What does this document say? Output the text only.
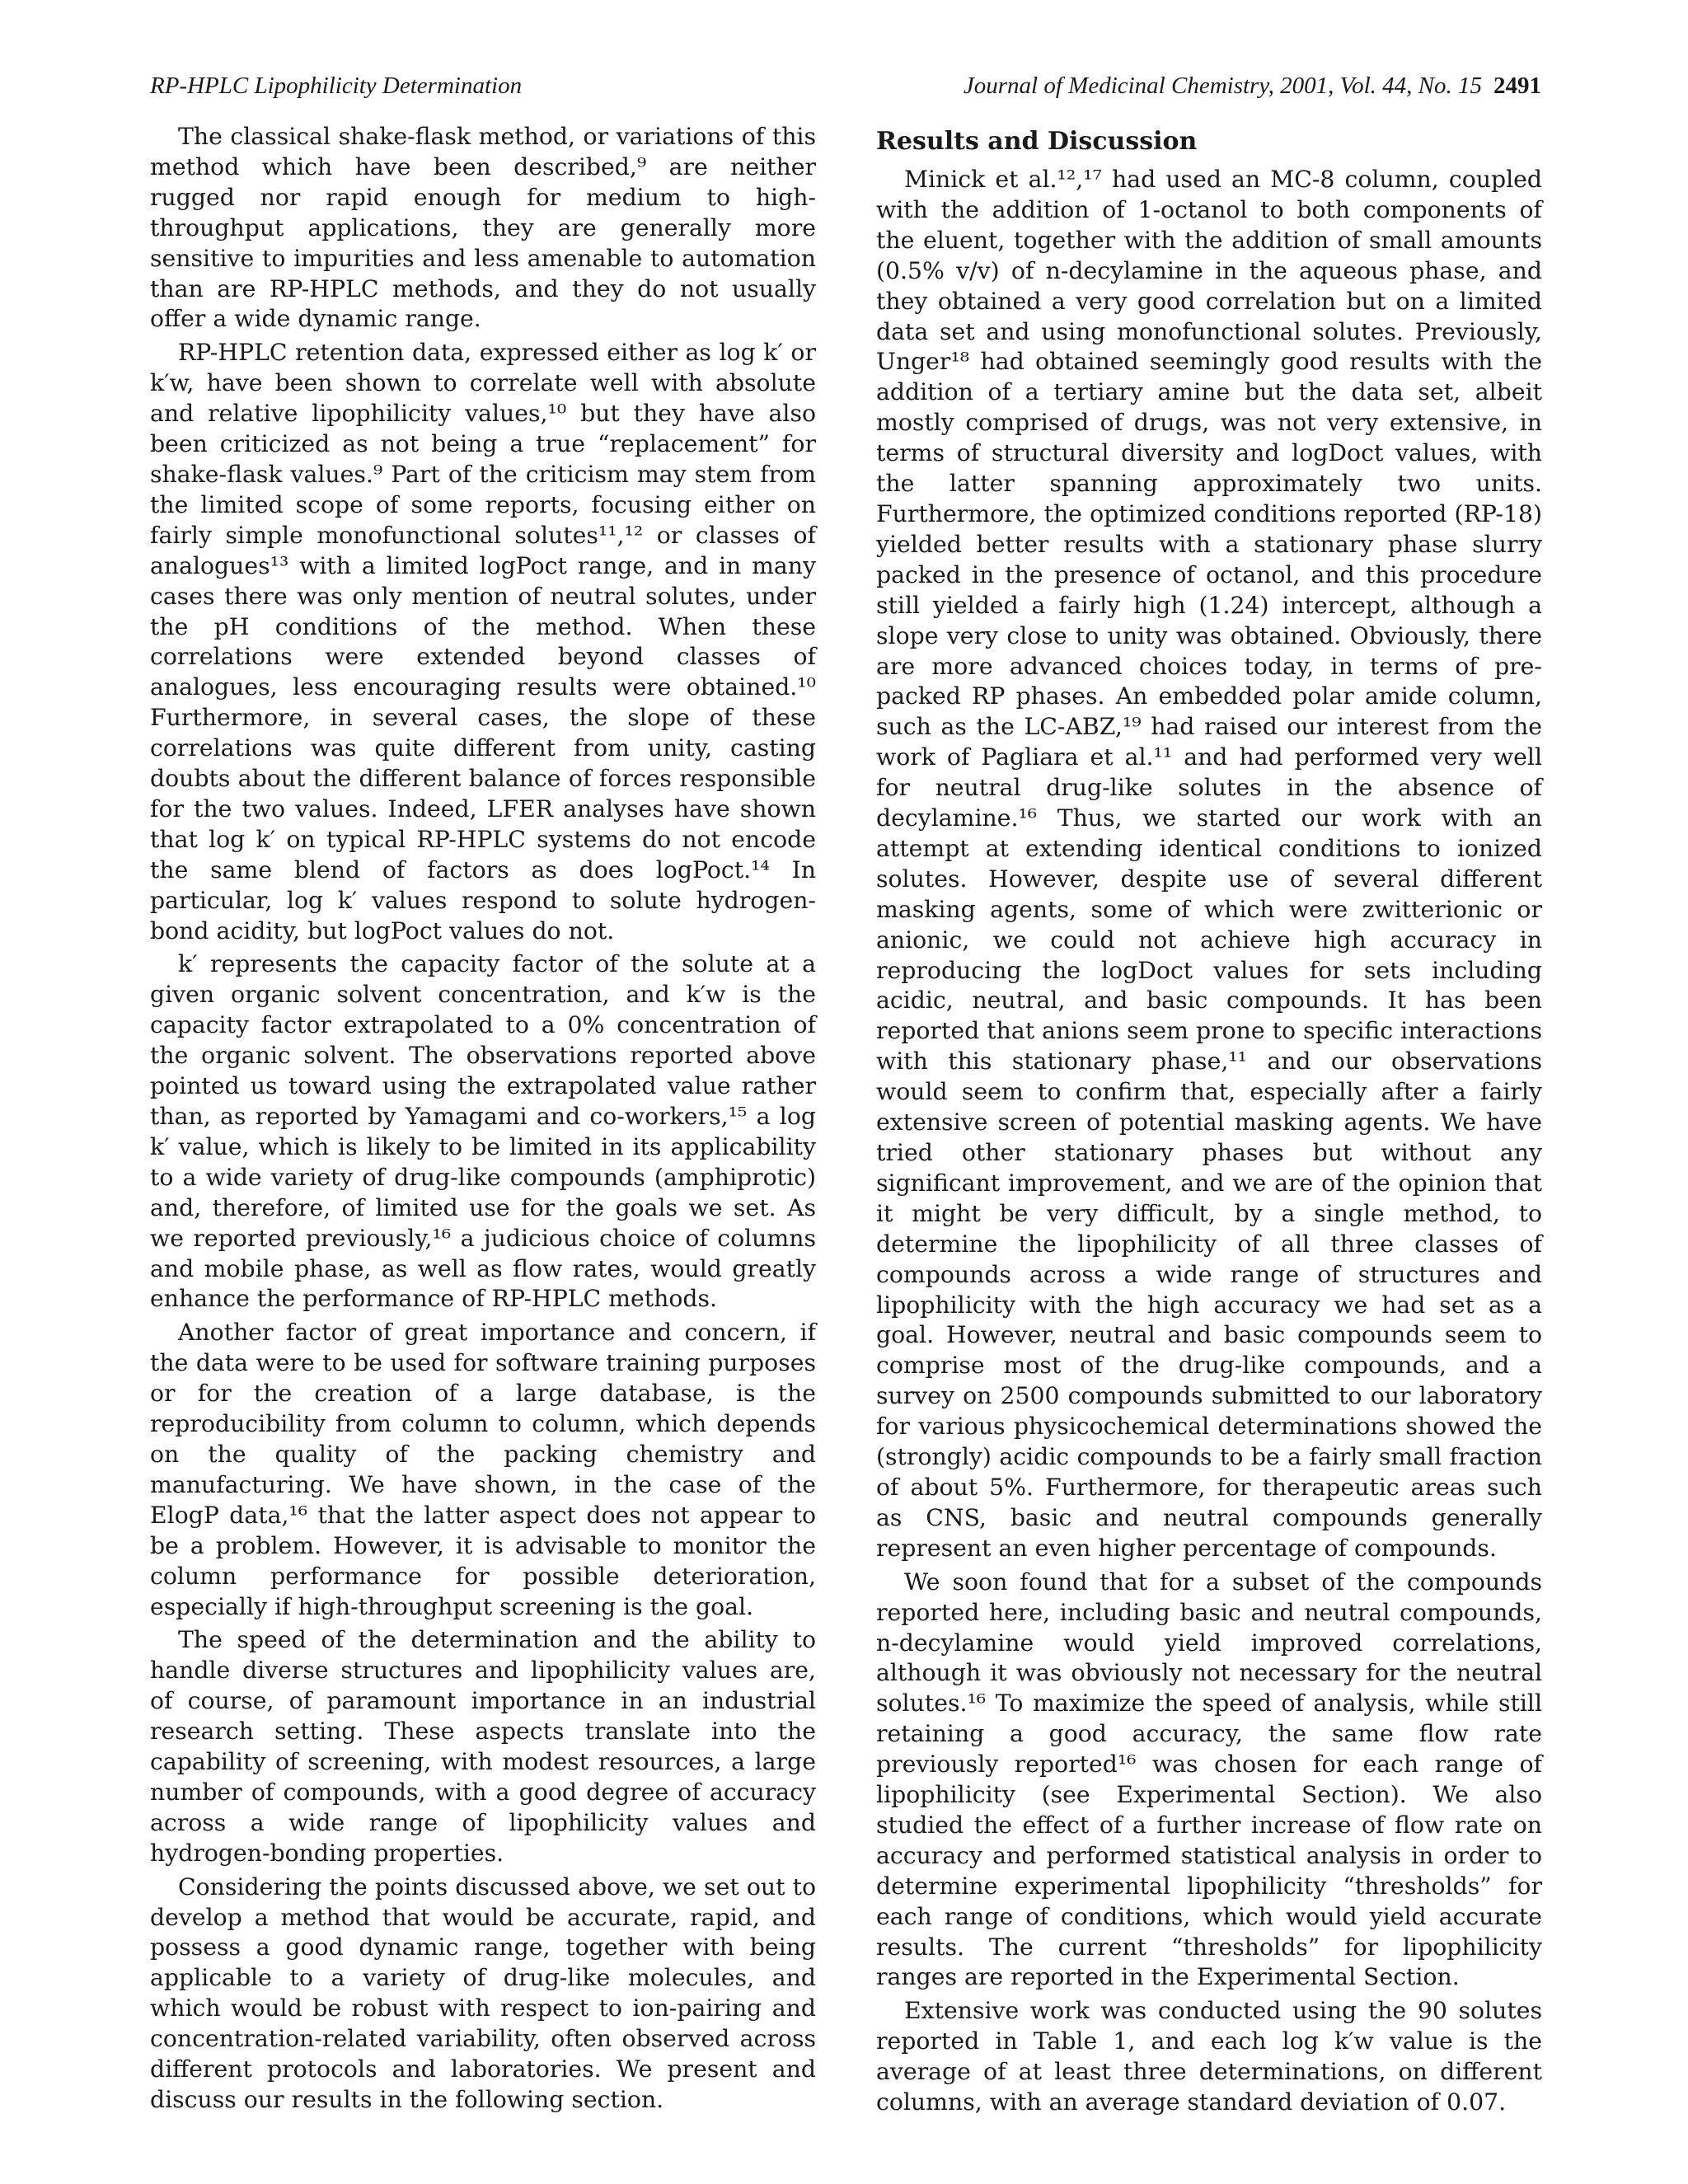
RP-HPLC Lipophilicity Determination	Journal of Medicinal Chemistry, 2001, Vol. 44, No. 15 2491

The classical shake-flask method, or variations of this method which have been described,⁹ are neither rugged nor rapid enough for medium to high-throughput applications, they are generally more sensitive to impurities and less amenable to automation than are RP-HPLC methods, and they do not usually offer a wide dynamic range.

RP-HPLC retention data, expressed either as log k′ or k′w, have been shown to correlate well with absolute and relative lipophilicity values,¹⁰ but they have also been criticized as not being a true “replacement” for shake-flask values.⁹ Part of the criticism may stem from the limited scope of some reports, focusing either on fairly simple monofunctional solutes¹¹,¹² or classes of analogues¹³ with a limited logPoct range, and in many cases there was only mention of neutral solutes, under the pH conditions of the method. When these correlations were extended beyond classes of analogues, less encouraging results were obtained.¹⁰ Furthermore, in several cases, the slope of these correlations was quite different from unity, casting doubts about the different balance of forces responsible for the two values. Indeed, LFER analyses have shown that log k′ on typical RP-HPLC systems do not encode the same blend of factors as does logPoct.¹⁴ In particular, log k′ values respond to solute hydrogen-bond acidity, but logPoct values do not.

k′ represents the capacity factor of the solute at a given organic solvent concentration, and k′w is the capacity factor extrapolated to a 0% concentration of the organic solvent. The observations reported above pointed us toward using the extrapolated value rather than, as reported by Yamagami and co-workers,¹⁵ a log k′ value, which is likely to be limited in its applicability to a wide variety of drug-like compounds (amphiprotic) and, therefore, of limited use for the goals we set. As we reported previously,¹⁶ a judicious choice of columns and mobile phase, as well as flow rates, would greatly enhance the performance of RP-HPLC methods.

Another factor of great importance and concern, if the data were to be used for software training purposes or for the creation of a large database, is the reproducibility from column to column, which depends on the quality of the packing chemistry and manufacturing. We have shown, in the case of the ElogP data,¹⁶ that the latter aspect does not appear to be a problem. However, it is advisable to monitor the column performance for possible deterioration, especially if high-throughput screening is the goal.

The speed of the determination and the ability to handle diverse structures and lipophilicity values are, of course, of paramount importance in an industrial research setting. These aspects translate into the capability of screening, with modest resources, a large number of compounds, with a good degree of accuracy across a wide range of lipophilicity values and hydrogen-bonding properties.

Considering the points discussed above, we set out to develop a method that would be accurate, rapid, and possess a good dynamic range, together with being applicable to a variety of drug-like molecules, and which would be robust with respect to ion-pairing and concentration-related variability, often observed across different protocols and laboratories. We present and discuss our results in the following section.

Results and Discussion

Minick et al.¹²,¹⁷ had used an MC-8 column, coupled with the addition of 1-octanol to both components of the eluent, together with the addition of small amounts (0.5% v/v) of n-decylamine in the aqueous phase, and they obtained a very good correlation but on a limited data set and using monofunctional solutes. Previously, Unger¹⁸ had obtained seemingly good results with the addition of a tertiary amine but the data set, albeit mostly comprised of drugs, was not very extensive, in terms of structural diversity and logDoct values, with the latter spanning approximately two units. Furthermore, the optimized conditions reported (RP-18) yielded better results with a stationary phase slurry packed in the presence of octanol, and this procedure still yielded a fairly high (1.24) intercept, although a slope very close to unity was obtained. Obviously, there are more advanced choices today, in terms of pre-packed RP phases. An embedded polar amide column, such as the LC-ABZ,¹⁹ had raised our interest from the work of Pagliara et al.¹¹ and had performed very well for neutral drug-like solutes in the absence of decylamine.¹⁶ Thus, we started our work with an attempt at extending identical conditions to ionized solutes. However, despite use of several different masking agents, some of which were zwitterionic or anionic, we could not achieve high accuracy in reproducing the logDoct values for sets including acidic, neutral, and basic compounds. It has been reported that anions seem prone to specific interactions with this stationary phase,¹¹ and our observations would seem to confirm that, especially after a fairly extensive screen of potential masking agents. We have tried other stationary phases but without any significant improvement, and we are of the opinion that it might be very difficult, by a single method, to determine the lipophilicity of all three classes of compounds across a wide range of structures and lipophilicity with the high accuracy we had set as a goal. However, neutral and basic compounds seem to comprise most of the drug-like compounds, and a survey on 2500 compounds submitted to our laboratory for various physicochemical determinations showed the (strongly) acidic compounds to be a fairly small fraction of about 5%. Furthermore, for therapeutic areas such as CNS, basic and neutral compounds generally represent an even higher percentage of compounds.

We soon found that for a subset of the compounds reported here, including basic and neutral compounds, n-decylamine would yield improved correlations, although it was obviously not necessary for the neutral solutes.¹⁶ To maximize the speed of analysis, while still retaining a good accuracy, the same flow rate previously reported¹⁶ was chosen for each range of lipophilicity (see Experimental Section). We also studied the effect of a further increase of flow rate on accuracy and performed statistical analysis in order to determine experimental lipophilicity “thresholds” for each range of conditions, which would yield accurate results. The current “thresholds” for lipophilicity ranges are reported in the Experimental Section.

Extensive work was conducted using the 90 solutes reported in Table 1, and each log k′w value is the average of at least three determinations, on different columns, with an average standard deviation of 0.07.
